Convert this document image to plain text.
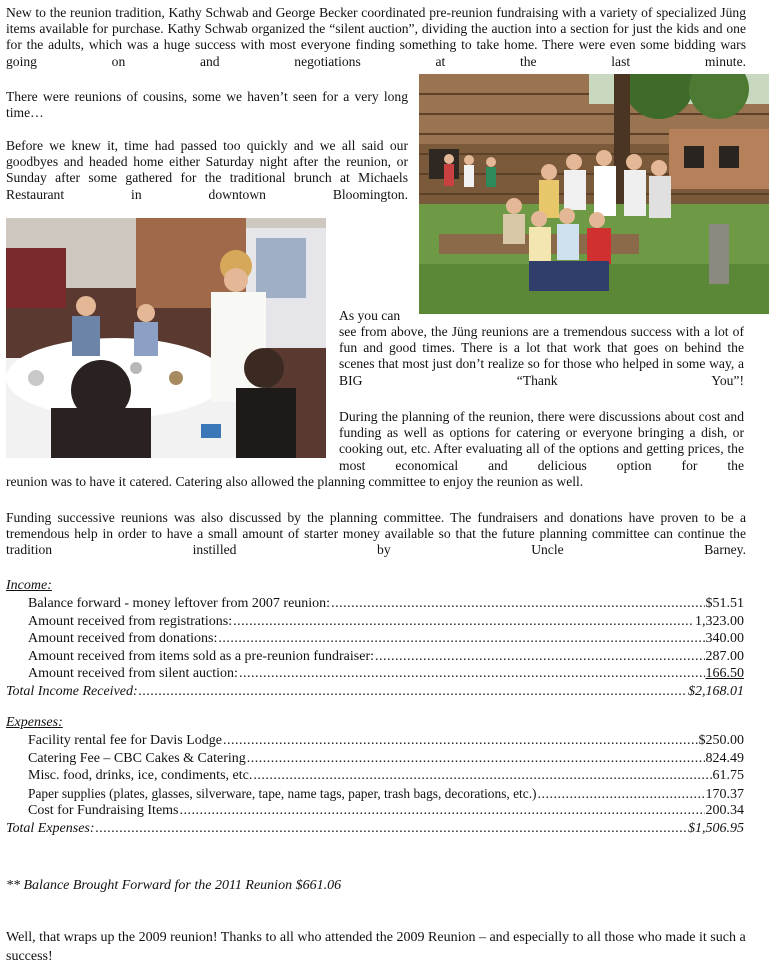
New to the reunion tradition, Kathy Schwab and George Becker coordinated pre-reunion fundraising with a variety of specialized Jüng items available for purchase. Kathy Schwab organized the “silent auction”, dividing the auction into a section for just the kids and one for the adults, which was a huge success with most everyone finding something to take home. There were even some bidding wars going on and negotiations at the last minute.

There were reunions of cousins, some we haven’t seen for a very long time…

Before we knew it, time had passed too quickly and we all said our goodbyes and headed home either Saturday night after the reunion, or Sunday after some gathered for the traditional brunch at Michaels Restaurant in downtown Bloomington.

As you can

see from above, the Jüng reunions are a tremendous success with a lot of fun and good times. There is a lot that work that goes on behind the scenes that most just don’t realize so for those who helped in some way, a BIG “Thank You”!

During the planning of the reunion, there were discussions about cost and funding as well as options for catering or everyone bringing a dish, or cooking out, etc. After evaluating all of the options and getting prices, the most economical and delicious option for the

reunion was to have it catered. Catering also allowed the planning committee to enjoy the reunion as well.

Funding successive reunions was also discussed by the planning committee. The fundraisers and donations have proven to be a tremendous help in order to have a small amount of starter money available so that the future planning committee can continue the tradition instilled by Uncle Barney.

Income:
Balance forward - money leftover from 2007 reunion: .....	$51.51
Amount received from registrations: .....	1,323.00
Amount received from donations: .....	340.00
Amount received from items sold as a pre-reunion fundraiser: .....	287.00
Amount received from silent auction: .....	166.50
Total Income Received: .....	$2,168.01
Expenses:
Facility rental fee for Davis Lodge .....	$250.00
Catering Fee – CBC Cakes & Catering .....	824.49
Misc. food, drinks, ice, condiments, etc. .....	61.75
Paper supplies (plates, glasses, silverware, tape, name tags, paper, trash bags, decorations, etc.) .....	170.37
Cost for Fundraising Items .....	200.34
Total Expenses: .....	$1,506.95
** Balance Brought Forward for the 2011 Reunion $661.06

Well, that wraps up the 2009 reunion! Thanks to all who attended the 2009 Reunion – and especially to all those who made it such a success!
